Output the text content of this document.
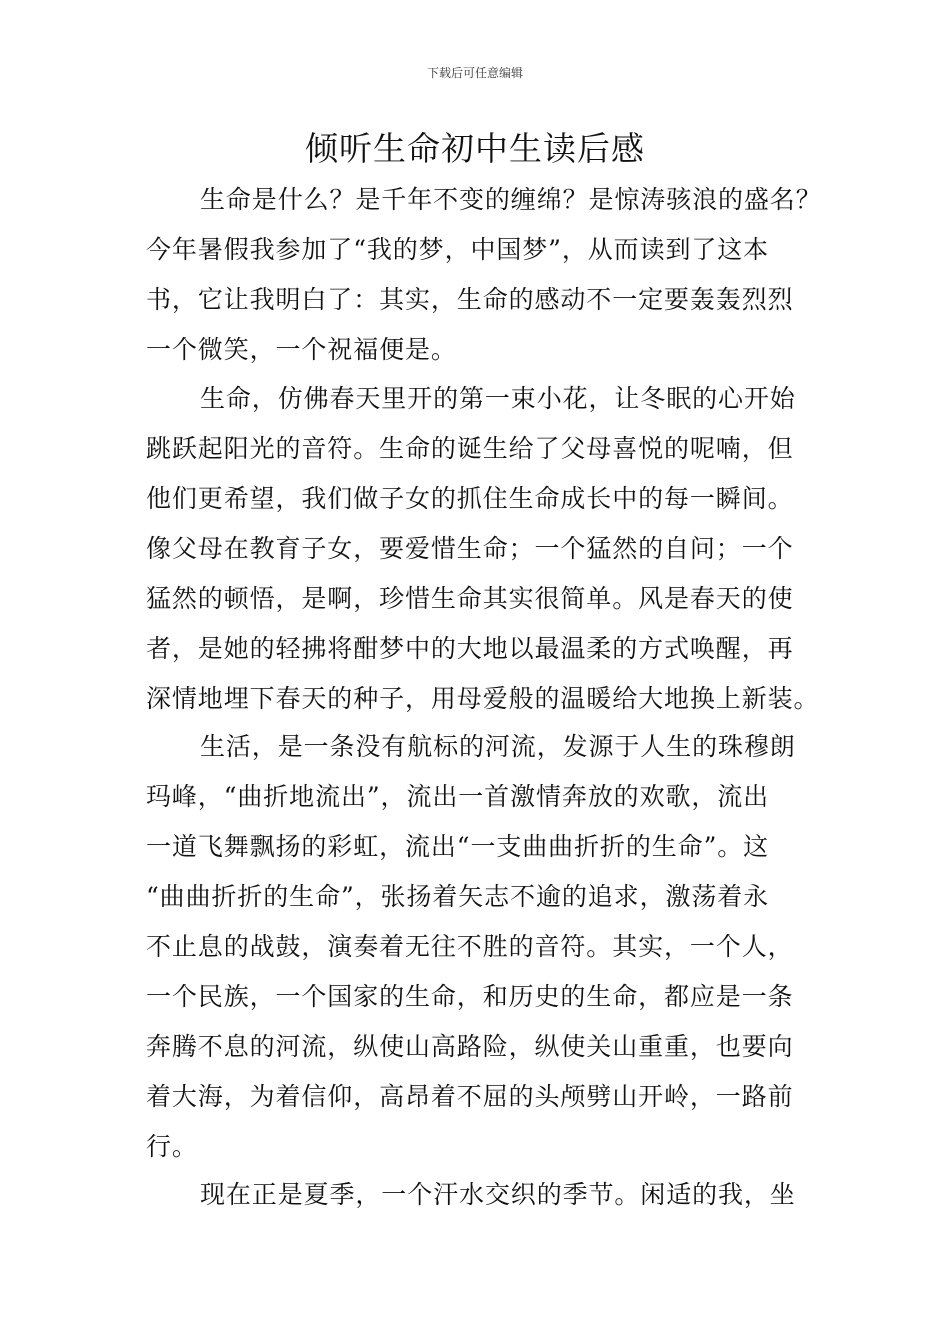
下载后可任意编辑
倾听生命初中生读后感
生命是什么？是千年不变的缠绵？是惊涛骇浪的盛名？
今年暑假我参加了“我的梦，中国梦”，从而读到了这本
书，它让我明白了：其实，生命的感动不一定要轰轰烈烈
一个微笑，一个祝福便是。
生命，仿佛春天里开的第一束小花，让冬眠的心开始
跳跃起阳光的音符。生命的诞生给了父母喜悦的呢喃，但
他们更希望，我们做子女的抓住生命成长中的每一瞬间。
像父母在教育子女，要爱惜生命；一个猛然的自问；一个
猛然的顿悟，是啊，珍惜生命其实很简单。风是春天的使
者，是她的轻拂将酣梦中的大地以最温柔的方式唤醒，再
深情地埋下春天的种子，用母爱般的温暖给大地换上新装。
生活，是一条没有航标的河流，发源于人生的珠穆朗
玛峰，“曲折地流出”，流出一首激情奔放的欢歌，流出
一道飞舞飘扬的彩虹，流出“一支曲曲折折的生命”。这
“曲曲折折的生命”，张扬着矢志不逾的追求，激荡着永
不止息的战鼓，演奏着无往不胜的音符。其实，一个人，
一个民族，一个国家的生命，和历史的生命，都应是一条
奔腾不息的河流，纵使山高路险，纵使关山重重，也要向
着大海，为着信仰，高昂着不屈的头颅劈山开岭，一路前
行。
现在正是夏季，一个汗水交织的季节。闲适的我，坐
